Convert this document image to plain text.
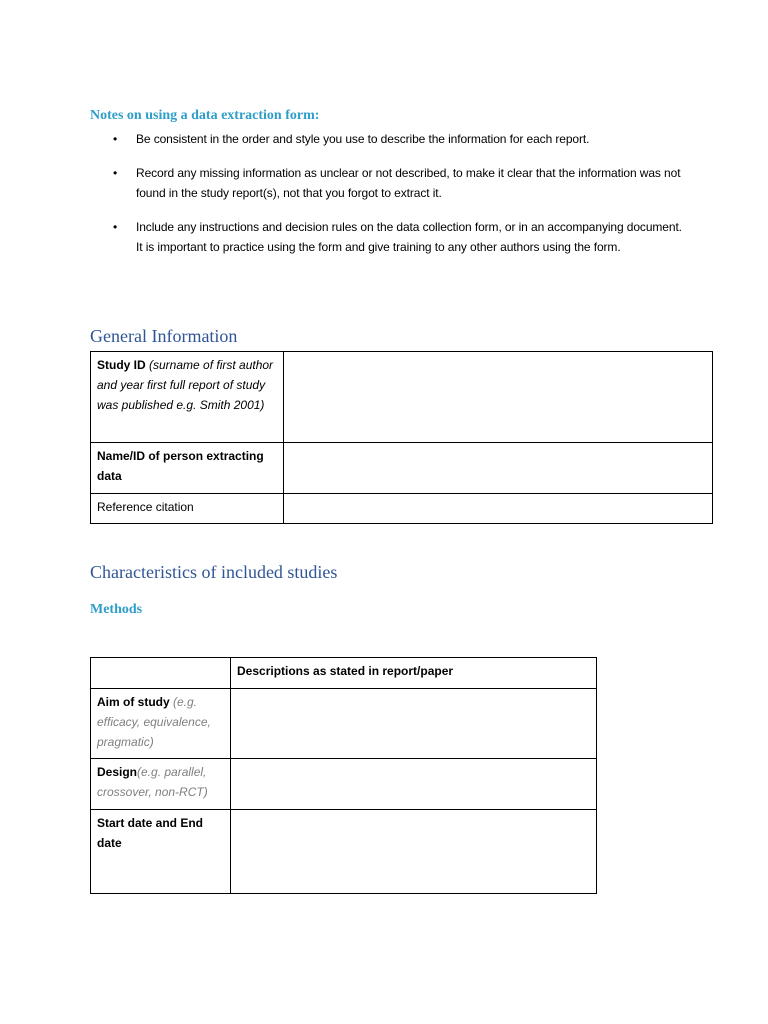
Notes on using a data extraction form:
• Be consistent in the order and style you use to describe the information for each report.
• Record any missing information as unclear or not described, to make it clear that the information was not found in the study report(s), not that you forgot to extract it.
• Include any instructions and decision rules on the data collection form, or in an accompanying document. It is important to practice using the form and give training to any other authors using the form.
General Information
Study ID (surname of first author and year first full report of study was published e.g. Smith 2001)	
Name/ID of person extracting data	
Reference citation	
Characteristics of included studies
Methods
	Descriptions as stated in report/paper
Aim of study (e.g. efficacy, equivalence, pragmatic)	
Design(e.g. parallel, crossover, non-RCT)	
Start date and End date	
